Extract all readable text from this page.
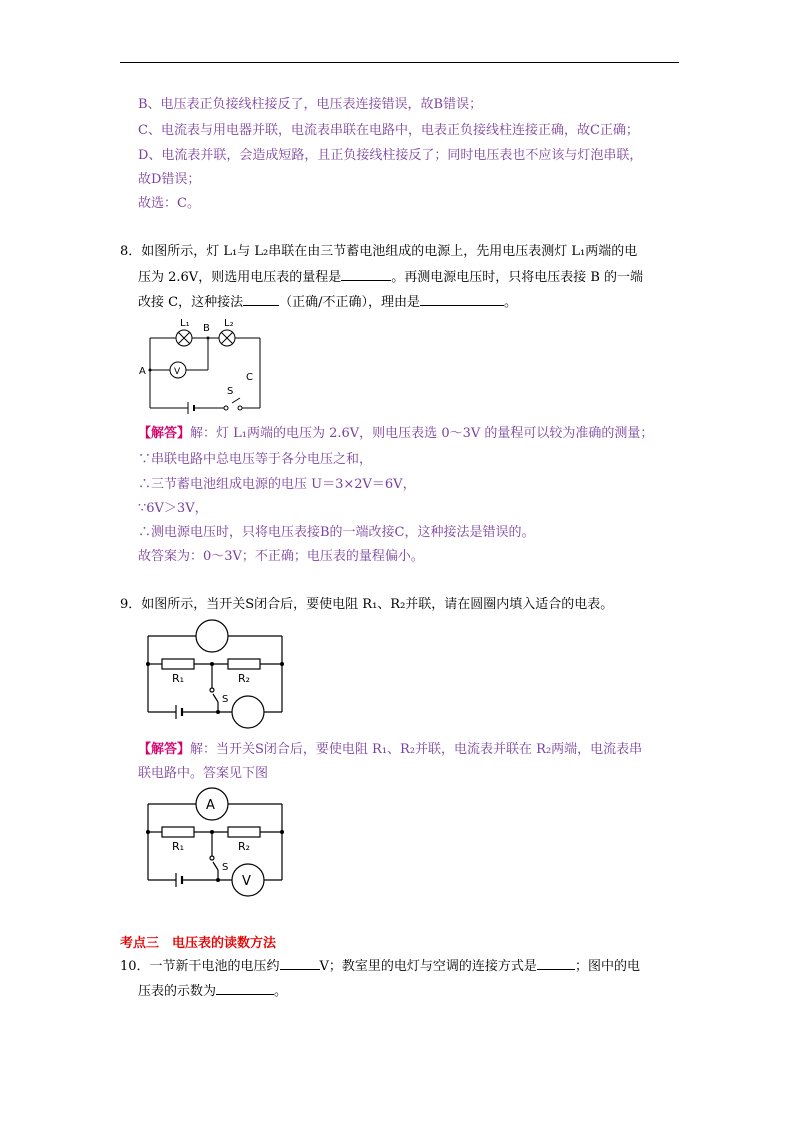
B、电压表正负接线柱接反了，电压表连接错误，故B错误；
C、电流表与用电器并联，电流表串联在电路中，电表正负接线柱连接正确，故C正确；
D、电流表并联，会造成短路，且正负接线柱接反了；同时电压表也不应该与灯泡串联，
故D错误；
故选：C。
8．如图所示，灯 L₁与 L₂串联在由三节蓄电池组成的电源上，先用电压表测灯 L₁两端的电
压为 2.6V，则选用电压表的量程是	。再测电源电压时，只将电压表接 B 的一端
改接 C，这种接法	（正确/不正确），理由是	。
L₁	L₂
B
A	V	C
S
【解答】解：灯 L₁两端的电压为 2.6V，则电压表选 0～3V 的量程可以较为准确的测量；
∵串联电路中总电压等于各分电压之和，
∴三节蓄电池组成电源的电压 U＝3×2V＝6V，
∵6V＞3V，
∴测电源电压时，只将电压表接B的一端改接C，这种接法是错误的。
故答案为：0～3V；不正确；电压表的量程偏小。
9．如图所示，当开关S闭合后，要使电阻 R₁、R₂并联，请在圆圈内填入适合的电表。
R₁	R₂
S
【解答】解：当开关S闭合后，要使电阻 R₁、R₂并联，电流表并联在 R₂两端，电流表串
联电路中。答案见下图
A
V
R₁	R₂
S
考点三　电压表的读数方法
10．一节新干电池的电压约	V；教室里的电灯与空调的连接方式是	；图中的电
压表的示数为	。
